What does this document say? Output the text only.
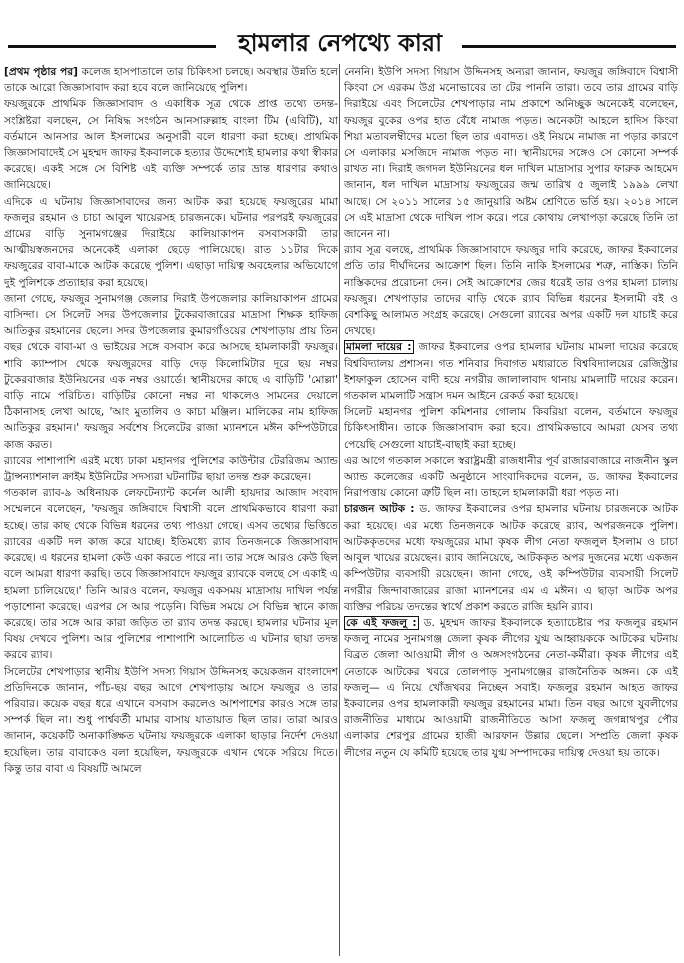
হামলার নেপথ্যে কারা

[প্রথম পৃষ্ঠার পর] কলেজ হাসপাতালে তার চিকিৎসা চলছে। অবস্থার উন্নতি হলে তাকে আরো জিজ্ঞাসাবাদ করা হবে বলে জানিয়েছে পুলিশ।

ফয়জুরকে প্রাথমিক জিজ্ঞাসাবাদ ও একাধিক সূত্র থেকে প্রাপ্ত তথ্যে তদন্ত-সংশ্লিষ্টরা বলছেন, সে নিষিদ্ধ সংগঠন আনসারুল্লাহ বাংলা টিম (এবিটি), যা বর্তমানে আনসার আল ইসলামের অনুসারী বলে ধারণা করা হচ্ছে। প্রাথমিক জিজ্ঞাসাবাদেই সে মুহম্মদ জাফর ইকবালকে হত্যার উদ্দেশ্যেই হামলার কথা স্বীকার করেছে। একই সঙ্গে সে বিশিষ্ট এই ব্যক্তি সম্পর্কে তার ভ্রান্ত ধারণার কথাও জানিয়েছে।

এদিকে এ ঘটনায় জিজ্ঞাসাবাদের জন্য আটক করা হয়েছে ফয়জুরের মামা ফজলুর রহমান ও চাচা আবুল খায়েরসহ চারজনকে। ঘটনার পরপরই ফয়জুরের গ্রামের বাড়ি সুনামগঞ্জের দিরাইয়ে কালিয়াকাপন বসবাসকারী তার আত্মীয়স্বজনদের অনেকেই এলাকা ছেড়ে পালিয়েছে। রাত ১১টার দিকে ফয়জুরের বাবা-মাকে আটক করেছে পুলিশ। এছাড়া দায়িত্ব অবহেলার অভিযোগে দুই পুলিশকে প্রত্যাহার করা হয়েছে।

জানা গেছে, ফয়জুর সুনামগঞ্জ জেলার দিরাই উপজেলার কালিয়াকাপন গ্রামের বাসিন্দা। সে সিলেট সদর উপজেলার টুকেরবাজারের মাদ্রাসা শিক্ষক হাফিজ আতিকুর রহমানের ছেলে। সদর উপজেলার কুমারগাঁওয়ের শেখপাড়ায় প্রায় তিন বছর থেকে বাবা-মা ও ভাইয়ের সঙ্গে বসবাস করে আসছে হামলাকারী ফয়জুর। শাবি ক্যাম্পাস থেকে ফয়জুরদের বাড়ি দেড় কিলোমিটার দূরে ছয় নম্বর টুকেরবাজার ইউনিয়নের এক নম্বর ওয়ার্ডে। স্থানীয়দের কাছে এ বাড়িটি 'মোল্লা' বাড়ি নামে পরিচিত। বাড়িটির কোনো নম্বর না থাকলেও সামনের দেয়ালে ঠিকানাসহ লেখা আছে, 'আং মুতালিব ও কাচা মঞ্জিল। মালিকের নাম হাফিজ আতিকুর রহমান।' ফয়জুর সর্বশেষ সিলেটের রাজা ম্যানশনে মঈন কম্পিউটারে কাজ করত।

র‌্যাবের পাশাপাশি এরই মধ্যে ঢাকা মহানগর পুলিশের কাউন্টার টেররিজম অ্যান্ড ট্রান্সন্যাশনাল ক্রাইম ইউনিটের সদস্যরা ঘটনাটির ছায়া তদন্ত শুরু করেছেন।

গতকাল র‌্যাব-৯ অধিনায়ক লেফটেন্যান্ট কর্নেল আলী হায়দার আজাদ সংবাদ সম্মেলনে বলেছেন, 'ফয়জুর জঙ্গিবাদে বিশ্বাসী বলে প্রাথমিকভাবে ধারণা করা হচ্ছে। তার কাছ থেকে বিভিন্ন ধরনের তথ্য পাওয়া গেছে। এসব তথ্যের ভিত্তিতে র‌্যাবের একটি দল কাজ করে যাচ্ছে। ইতিমধ্যে র‌্যাব তিনজনকে জিজ্ঞাসাবাদ করেছে। এ ধরনের হামলা কেউ একা করতে পারে না। তার সঙ্গে আরও কেউ ছিল বলে আমরা ধারণা করছি। তবে জিজ্ঞাসাবাদে ফয়জুর র‌্যাবকে বলছে সে একাই এ হামলা চালিয়েছে।' তিনি আরও বলেন, ফয়জুর একসময় মাদ্রাসায় দাখিল পর্যন্ত পড়াশোনা করেছে। এরপর সে আর পড়েনি। বিভিন্ন সময়ে সে বিভিন্ন স্থানে কাজ করেছে। তার সঙ্গে আর কারা জড়িত তা র‌্যাব তদন্ত করছে। হামলার ঘটনার মূল বিষয় দেখবে পুলিশ। আর পুলিশের পাশাপাশি আলোচিত এ ঘটনার ছায়া তদন্ত করবে র‌্যাব।

সিলেটের শেখপাড়ার স্থানীয় ইউপি সদস্য গিয়াস উদ্দিনসহ কয়েকজন বাংলাদেশ প্রতিদিনকে জানান, পাঁচ-ছয় বছর আগে শেখপাড়ায় আসে ফয়জুর ও তার পরিবার। কয়েক বছর ধরে এখানে বসবাস করলেও আশপাশের কারও সঙ্গে তার সম্পর্ক ছিল না। শুধু পার্শ্ববর্তী মামার বাসায় যাতায়াত ছিল তার। তারা আরও জানান, কয়েকটি অনাকাঙ্ক্ষিত ঘটনায় ফয়জুরকে এলাকা ছাড়ার নির্দেশ দেওয়া হয়েছিল। তার বাবাকেও বলা হয়েছিল, ফয়জুরকে এখান থেকে সরিয়ে দিতে। কিন্তু তার বাবা এ বিষয়টি আমলে

নেননি। ইউপি সদস্য গিয়াস উদ্দিনসহ অন্যরা জানান, ফয়জুর জঙ্গিবাদে বিশ্বাসী কিংবা সে এরকম উগ্র মনোভাবের তা টের পাননি তারা। তবে তার গ্রামের বাড়ি দিরাইয়ে এবং সিলেটের শেখপাড়ার নাম প্রকাশে অনিচ্ছুক অনেকেই বলেছেন, ফয়জুর বুকের ওপর হাত বেঁধে নামাজ পড়ত। অনেকটা আহলে হাদিস কিংবা শিয়া মতাবলম্বীদের মতো ছিল তার এবাদত। ওই নিয়মে নামাজ না পড়ার কারণে সে এলাকার মসজিদে নামাজ পড়ত না। স্থানীয়দের সঙ্গেও সে কোনো সম্পর্ক রাখত না। দিরাই জগদল ইউনিয়নের ধল দাখিল মাদ্রাসার সুপার ফারুক আহমেদ জানান, ধল দাখিল মাদ্রাসায় ফয়জুরের জন্ম তারিখ ৫ জুলাই ১৯৯৯ লেখা আছে। সে ২০১১ সালের ১৫ জানুয়ারি অষ্টম শ্রেণিতে ভর্তি হয়। ২০১৪ সালে সে এই মাদ্রাসা থেকে দাখিল পাস করে। পরে কোথায় লেখাপড়া করেছে তিনি তা জানেন না।

র‌্যাব সূত্র বলছে, প্রাথমিক জিজ্ঞাসাবাদে ফয়জুর দাবি করেছে, জাফর ইকবালের প্রতি তার দীর্ঘদিনের আক্রোশ ছিল। তিনি নাকি ইসলামের শত্রু, নাস্তিক। তিনি নাস্তিকদের প্ররোচনা দেন। সেই আক্রোশের জের ধরেই তার ওপর হামলা চালায় ফয়জুর। শেখপাড়ার তাদের বাড়ি থেকে র‌্যাব বিভিন্ন ধরনের ইসলামী বই ও বেশকিছু আলামত সংগ্রহ করেছে। সেগুলো র‌্যাবের অপর একটি দল যাচাই করে দেখছে।

মামলা দায়ের : জাফর ইকবালের ওপর হামলার ঘটনায় মামলা দায়ের করেছে বিশ্ববিদ্যালয় প্রশাসন। গত শনিবার দিবাগত মধ্যরাতে বিশ্ববিদ্যালয়ের রেজিস্ট্রার ইশফাকুল হোসেন বাদী হয়ে নগরীর জালালাবাদ থানায় মামলাটি দায়ের করেন। গতকাল মামলাটি সন্ত্রাস দমন আইনে রেকর্ড করা হয়েছে।

সিলেট মহানগর পুলিশ কমিশনার গোলাম কিবরিয়া বলেন, বর্তমানে ফয়জুর চিকিৎসাধীন। তাকে জিজ্ঞাসাবাদ করা হবে। প্রাথমিকভাবে আমরা যেসব তথ্য পেয়েছি সেগুলো যাচাই-বাছাই করা হচ্ছে।

এর আগে গতকাল সকালে স্বরাষ্ট্রমন্ত্রী রাজধানীর পূর্ব রাজারবাজারে নাজনীন স্কুল অ্যান্ড কলেজের একটি অনুষ্ঠানে সাংবাদিকদের বলেন, ড. জাফর ইকবালের নিরাপত্তায় কোনো ত্রুটি ছিল না। তাহলে হামলাকারী ধরা পড়ত না।

চারজন আটক : ড. জাফর ইকবালের ওপর হামলার ঘটনায় চারজনকে আটক করা হয়েছে। এর মধ্যে তিনজনকে আটক করেছে র‌্যাব, অপরজনকে পুলিশ। আটককৃতদের মধ্যে ফয়জুরের মামা কৃষক লীগ নেতা ফজলুল ইসলাম ও চাচা আবুল খায়ের রয়েছেন। র‌্যাব জানিয়েছে, আটককৃত অপর দুজনের মধ্যে একজন কম্পিউটার ব্যবসায়ী রয়েছেন। জানা গেছে, ওই কম্পিউটার ব্যবসায়ী সিলেট নগরীর জিন্দাবাজারের রাজা ম্যানশনের এম এ মঈন। এ ছাড়া আটক অপর ব্যক্তির পরিচয় তদন্তের স্বার্থে প্রকাশ করতে রাজি হয়নি র‌্যাব।

কে এই ফজলু : ড. মুহম্মদ জাফর ইকবালকে হত্যাচেষ্টার পর ফজলুর রহমান ফজলু নামের সুনামগঞ্জ জেলা কৃষক লীগের যুগ্ম আহ্বায়ককে আটকের ঘটনায় বিব্রত জেলা আওয়ামী লীগ ও অঙ্গসংগঠনের নেতা-কর্মীরা। কৃষক লীগের এই নেতাকে আটকের খবরে তোলপাড় সুনামগঞ্জের রাজনৈতিক অঙ্গন। কে এই ফজলু— এ নিয়ে খোঁজখবর নিচ্ছেন সবাই। ফজলুর রহমান আহত জাফর ইকবালের ওপর হামলাকারী ফয়জুর রহমানের মামা। তিন বছর আগে যুবলীগের রাজনীতির মাধ্যমে আওয়ামী রাজনীতিতে আসা ফজলু জগন্নাথপুর পৌর এলাকার শেরপুর গ্রামের হাজী আরফান উল্লার ছেলে। সম্প্রতি জেলা কৃষক লীগের নতুন যে কমিটি হয়েছে তার যুগ্ম সম্পাদকের দায়িত্ব দেওয়া হয় তাকে।
